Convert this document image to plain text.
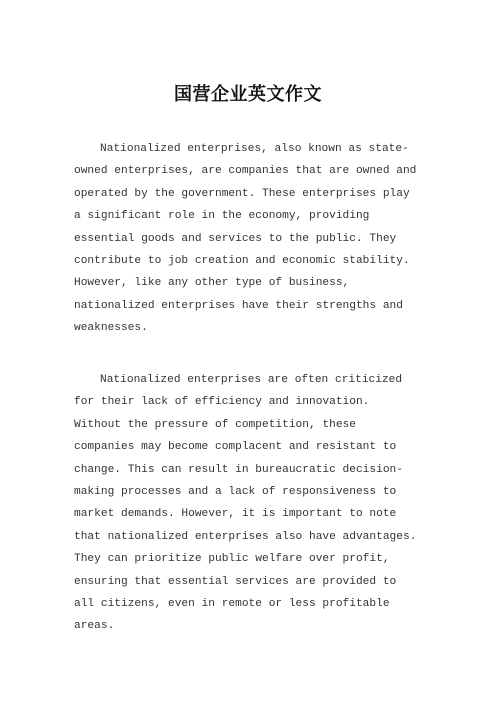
国营企业英文作文

Nationalized enterprises, also known as state-owned enterprises, are companies that are owned and operated by the government. These enterprises play a significant role in the economy, providing essential goods and services to the public. They contribute to job creation and economic stability. However, like any other type of business, nationalized enterprises have their strengths and weaknesses.

Nationalized enterprises are often criticized for their lack of efficiency and innovation. Without the pressure of competition, these companies may become complacent and resistant to change. This can result in bureaucratic decision-making processes and a lack of responsiveness to market demands. However, it is important to note that nationalized enterprises also have advantages. They can prioritize public welfare over profit, ensuring that essential services are provided to all citizens, even in remote or less profitable areas.
